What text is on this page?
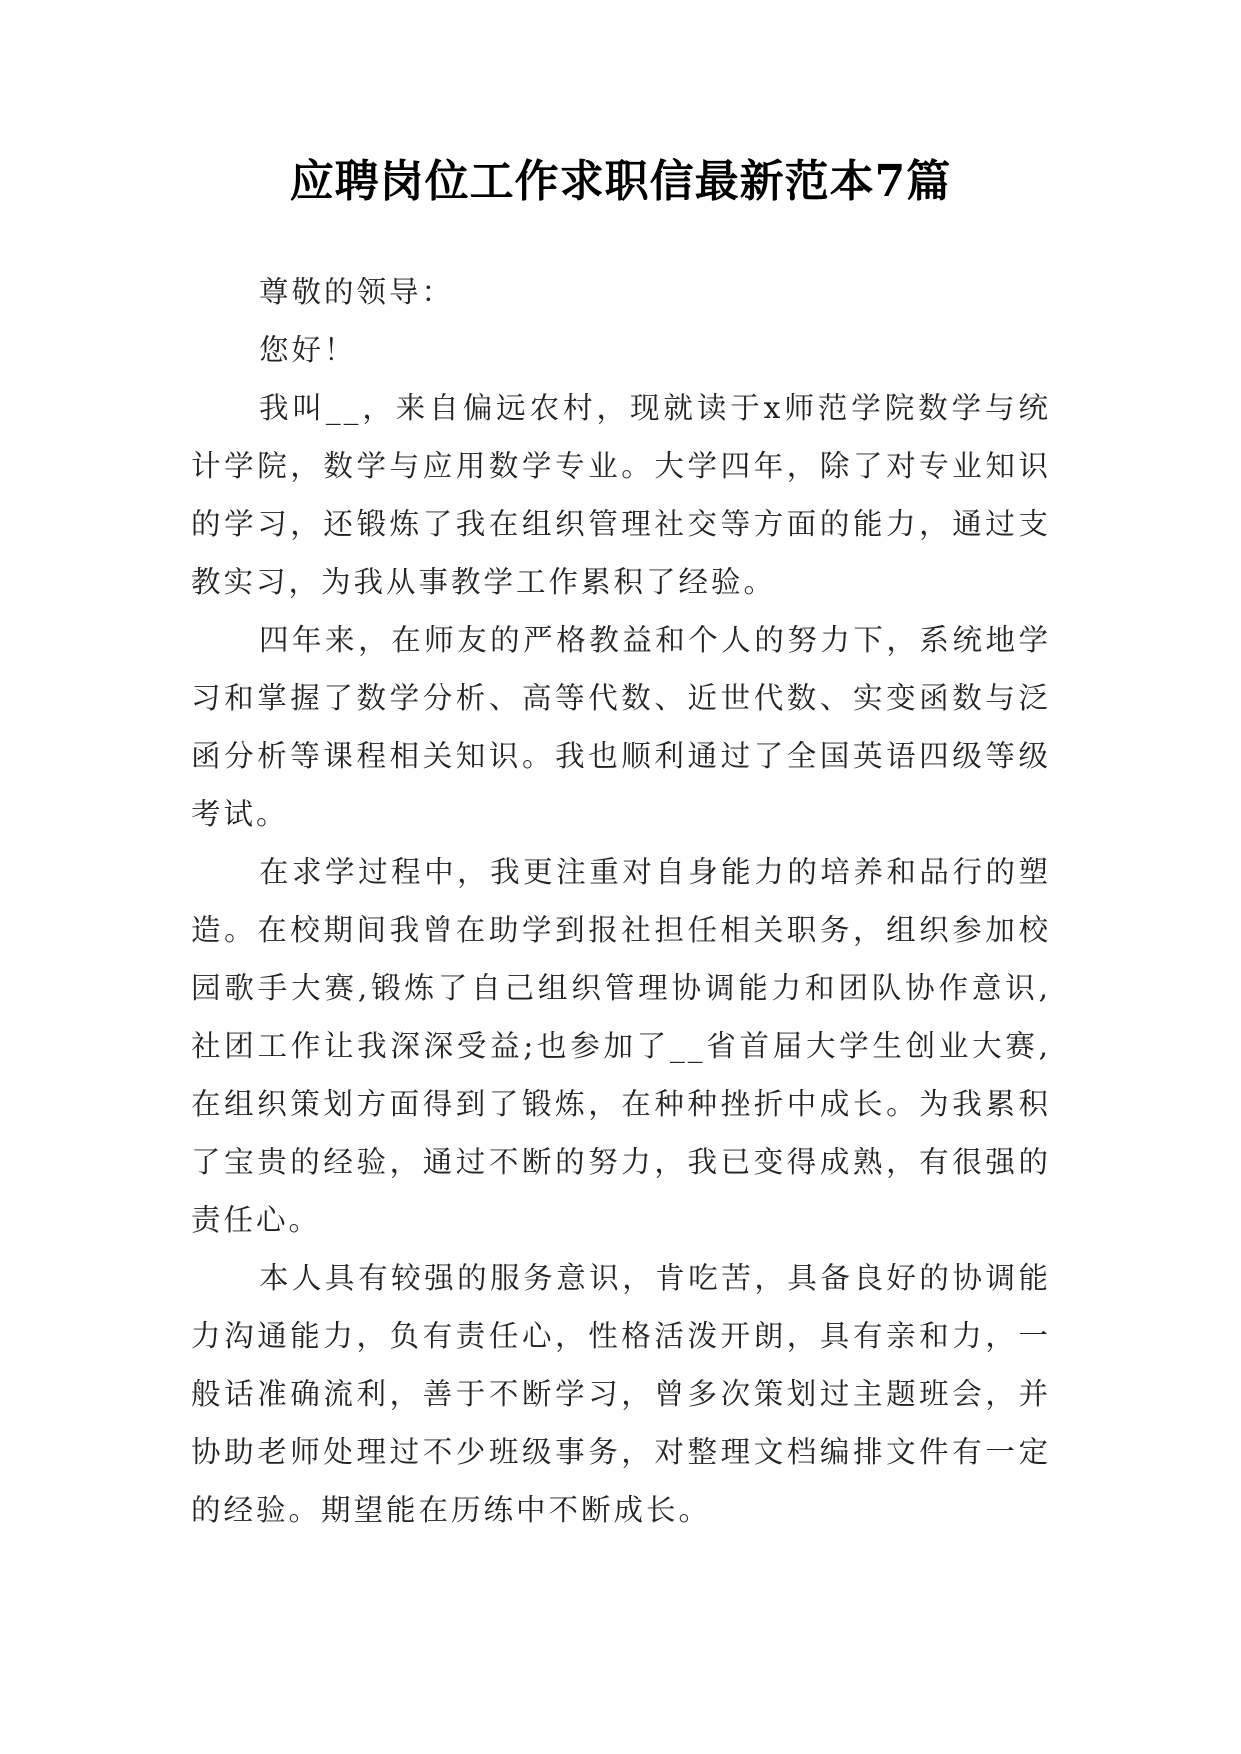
应聘岗位工作求职信最新范本7篇

尊敬的领导：

您好！

我叫__，来自偏远农村，现就读于x师范学院数学与统计学院，数学与应用数学专业。大学四年，除了对专业知识的学习，还锻炼了我在组织管理社交等方面的能力，通过支教实习，为我从事教学工作累积了经验。

四年来，在师友的严格教益和个人的努力下，系统地学习和掌握了数学分析、高等代数、近世代数、实变函数与泛函分析等课程相关知识。我也顺利通过了全国英语四级等级考试。

在求学过程中，我更注重对自身能力的培养和品行的塑造。在校期间我曾在助学到报社担任相关职务，组织参加校园歌手大赛,锻炼了自己组织管理协调能力和团队协作意识,社团工作让我深深受益;也参加了__省首届大学生创业大赛,在组织策划方面得到了锻炼，在种种挫折中成长。为我累积了宝贵的经验，通过不断的努力，我已变得成熟，有很强的责任心。

本人具有较强的服务意识，肯吃苦，具备良好的协调能力沟通能力，负有责任心，性格活泼开朗，具有亲和力，一般话准确流利，善于不断学习，曾多次策划过主题班会，并协助老师处理过不少班级事务，对整理文档编排文件有一定的经验。期望能在历练中不断成长。
